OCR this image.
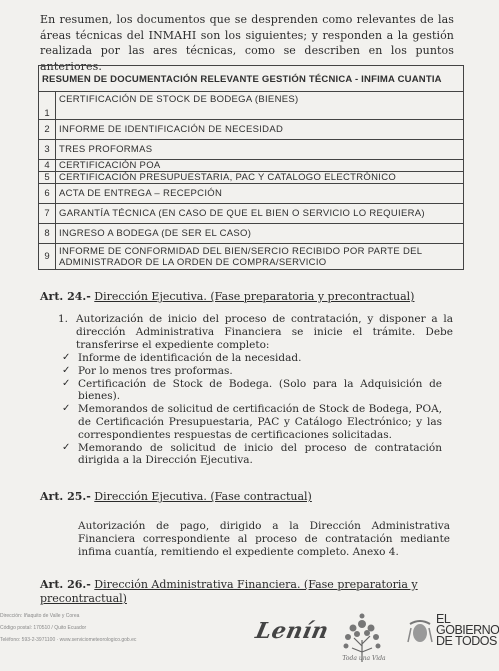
En resumen, los documentos que se desprenden como relevantes de las áreas técnicas del INMAHI son los siguientes; y responden a la gestión realizada por las ares técnicas, como se describen en los puntos anteriores.
RESUMEN DE DOCUMENTACIÓN RELEVANTE GESTIÓN TÉCNICA - INFIMA CUANTIA	
1	CERTIFICACIÓN DE STOCK DE BODEGA (BIENES)
2	INFORME DE IDENTIFICACIÓN DE NECESIDAD
3	TRES PROFORMAS
4	CERTIFICACIÓN POA
5	CERTIFICACIÓN PRESUPUESTARIA, PAC Y CATALOGO ELECTRÓNICO
6	ACTA DE ENTREGA – RECEPCIÓN
7	GARANTÍA TÉCNICA (EN CASO DE QUE EL BIEN O SERVICIO LO REQUIERA)
8	INGRESO A BODEGA (DE SER EL CASO)
9	INFORME DE CONFORMIDAD DEL BIEN/SERCIO RECIBIDO POR PARTE DEL ADMINISTRADOR DE LA ORDEN DE COMPRA/SERVICIO
Art. 24.- Dirección Ejecutiva. (Fase preparatoria y precontractual)
1. Autorización de inicio del proceso de contratación, y disponer a la dirección Administrativa Financiera se inicie el trámite. Debe transferirse el expediente completo:
✓ Informe de identificación de la necesidad.
✓ Por lo menos tres proformas.
✓ Certificación de Stock de Bodega. (Solo para la Adquisición de bienes).
✓ Memorandos de solicitud de certificación de Stock de Bodega, POA, de Certificación Presupuestaria, PAC y Catálogo Electrónico; y las correspondientes respuestas de certificaciones solicitadas.
✓ Memorando de solicitud de inicio del proceso de contratación dirigida a la Dirección Ejecutiva.
Art. 25.- Dirección Ejecutiva. (Fase contractual)
Autorización de pago, dirigido a la Dirección Administrativa Financiera correspondiente al proceso de contratación mediante infima cuantía, remitiendo el expediente completo. Anexo 4.
Art. 26.- Dirección Administrativa Financiera. (Fase preparatoria y precontractual)
Dirección: Iñaquito de Valle y Corea
Código postal: 170510 / Quito Ecuador
Teléfono: 593-2-3971100 · www.serviciometeorologico.gob.ec	Lenín
Toda una Vida
EL
GOBIERNO
DE TODOS
